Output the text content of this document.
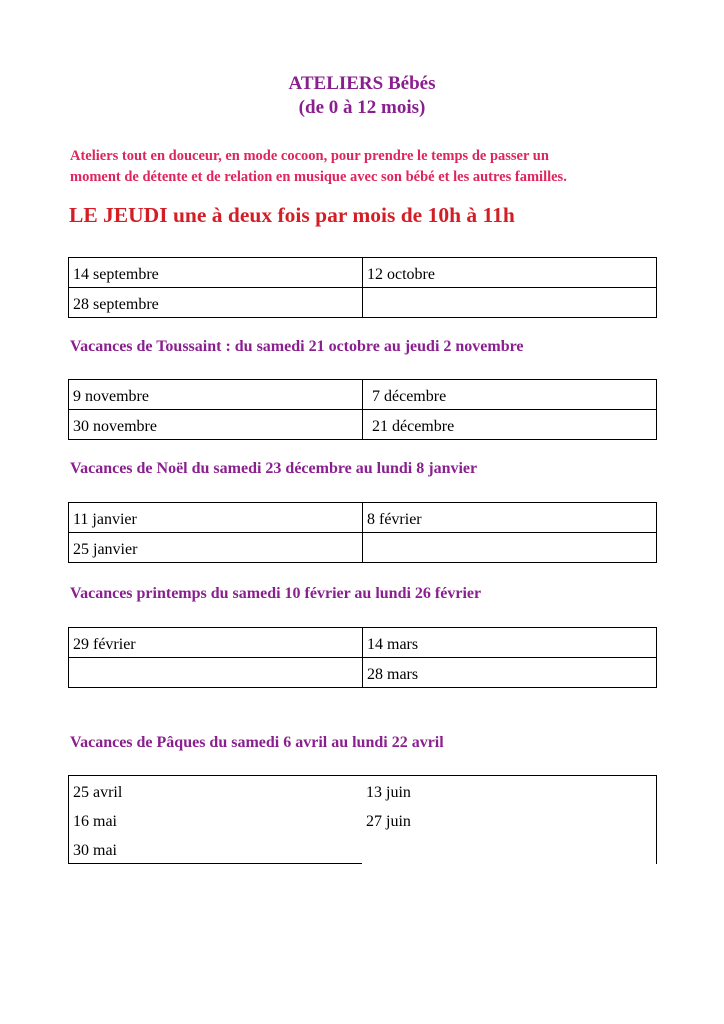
ATELIERS Bébés
(de 0 à 12 mois)
Ateliers tout en douceur, en mode cocoon, pour prendre le temps de passer un
moment de détente et de relation en musique avec son bébé et les autres familles.
LE JEUDI une à deux fois par mois de 10h à 11h
14 septembre	12 octobre
28 septembre	
Vacances de Toussaint : du samedi 21 octobre au jeudi 2 novembre
9 novembre	7 décembre
30 novembre	21 décembre
Vacances de Noël du samedi 23 décembre au lundi 8 janvier
11 janvier	8 février
25 janvier	
Vacances printemps du samedi 10 février au lundi 26 février
29 février	14 mars
	28 mars
Vacances de Pâques du samedi 6 avril au lundi 22 avril
25 avril	13 juin
16 mai	27 juin
30 mai	
